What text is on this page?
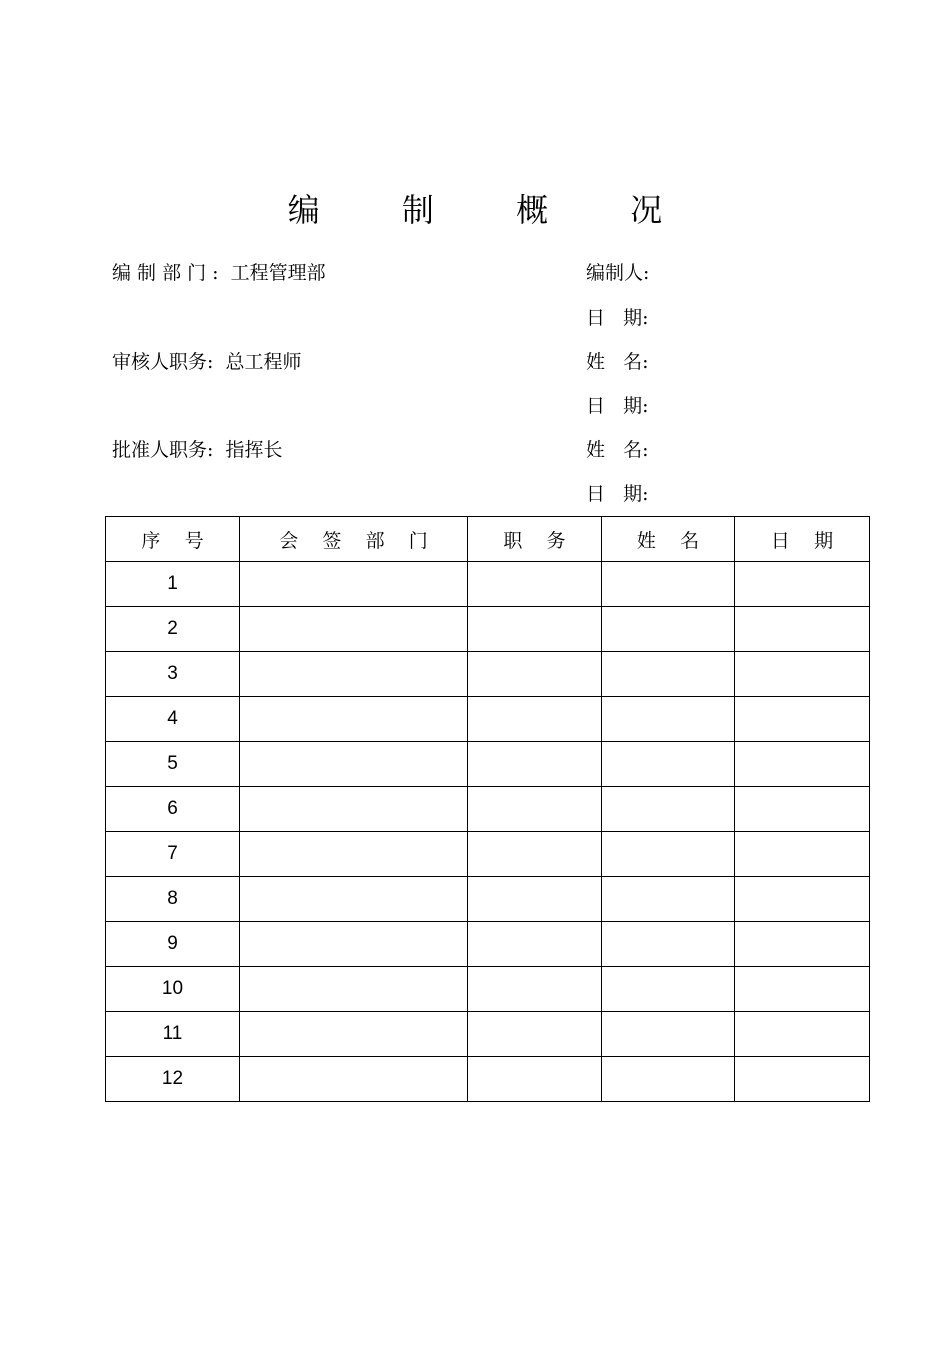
编 制 概 况
编 制 部 门 :  工程管理部
审核人职务:  总工程师
批准人职务:  指挥长
编制人:
日   期:
姓   名:
日   期:
姓   名:
日   期:
序    号	会    签    部    门	职    务	姓    名	日    期
1				
2				
3				
4				
5				
6				
7				
8				
9				
10				
11				
12				
